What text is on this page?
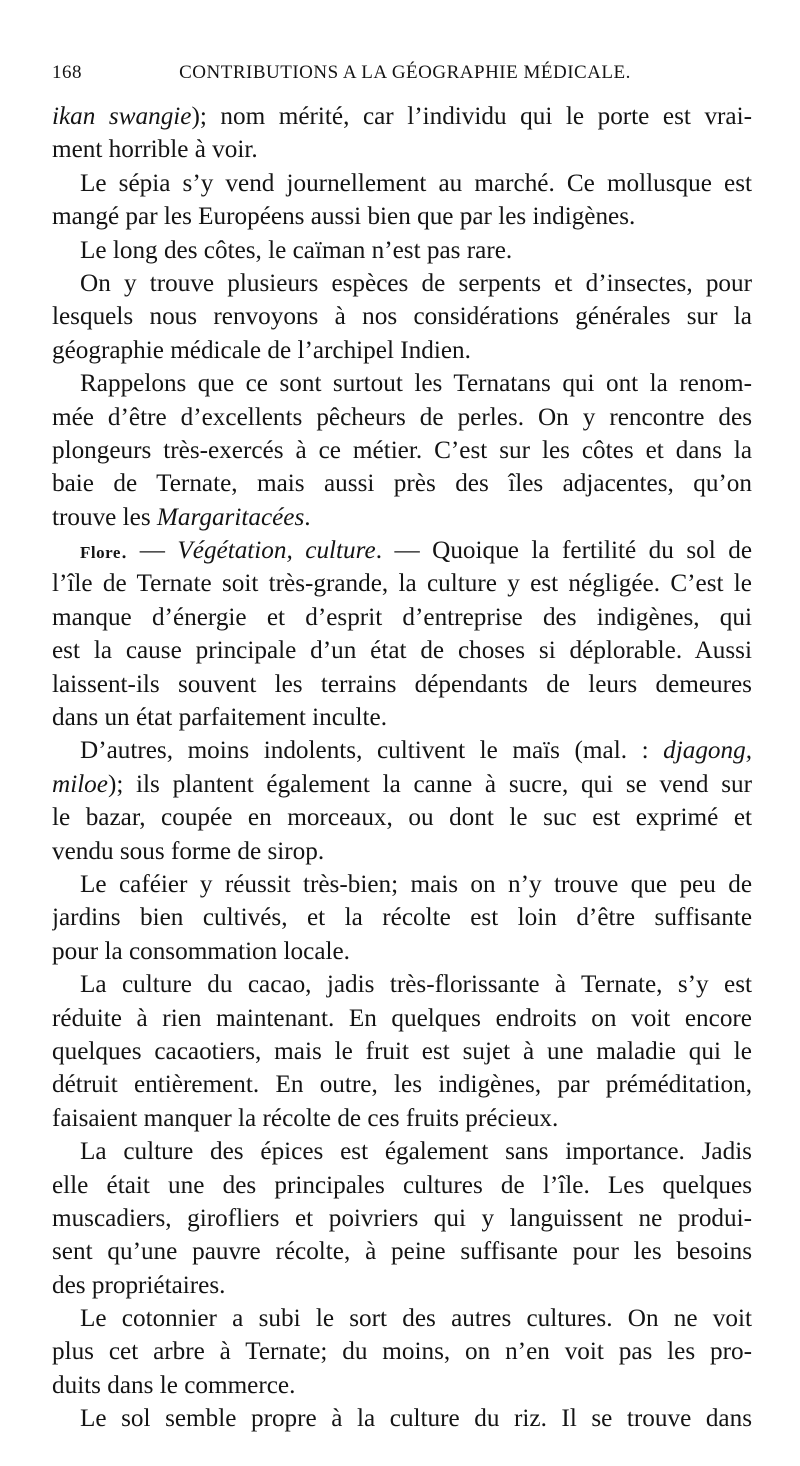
168	CONTRIBUTIONS A LA GÉOGRAPHIE MÉDICALE.
ikan swangie); nom mérité, car l’individu qui le porte est vrai-
ment horrible à voir.
Le sépia s’y vend journellement au marché. Ce mollusque est
mangé par les Européens aussi bien que par les indigènes.
Le long des côtes, le caïman n’est pas rare.
On y trouve plusieurs espèces de serpents et d’insectes, pour
lesquels nous renvoyons à nos considérations générales sur la
géographie médicale de l’archipel Indien.
Rappelons que ce sont surtout les Ternatans qui ont la renom-
mée d’être d’excellents pêcheurs de perles. On y rencontre des
plongeurs très-exercés à ce métier. C’est sur les côtes et dans la
baie de Ternate, mais aussi près des îles adjacentes, qu’on
trouve les Margaritacées.
Flore. — Végétation, culture. — Quoique la fertilité du sol de
l’île de Ternate soit très-grande, la culture y est négligée. C’est le
manque d’énergie et d’esprit d’entreprise des indigènes, qui
est la cause principale d’un état de choses si déplorable. Aussi
laissent-ils souvent les terrains dépendants de leurs demeures
dans un état parfaitement inculte.
D’autres, moins indolents, cultivent le maïs (mal. : djagong,
miloe); ils plantent également la canne à sucre, qui se vend sur
le bazar, coupée en morceaux, ou dont le suc est exprimé et
vendu sous forme de sirop.
Le caféier y réussit très-bien; mais on n’y trouve que peu de
jardins bien cultivés, et la récolte est loin d’être suffisante
pour la consommation locale.
La culture du cacao, jadis très-florissante à Ternate, s’y est
réduite à rien maintenant. En quelques endroits on voit encore
quelques cacaotiers, mais le fruit est sujet à une maladie qui le
détruit entièrement. En outre, les indigènes, par préméditation,
faisaient manquer la récolte de ces fruits précieux.
La culture des épices est également sans importance. Jadis
elle était une des principales cultures de l’île. Les quelques
muscadiers, girofliers et poivriers qui y languissent ne produi-
sent qu’une pauvre récolte, à peine suffisante pour les besoins
des propriétaires.
Le cotonnier a subi le sort des autres cultures. On ne voit
plus cet arbre à Ternate; du moins, on n’en voit pas les pro-
duits dans le commerce.
Le sol semble propre à la culture du riz. Il se trouve dans
